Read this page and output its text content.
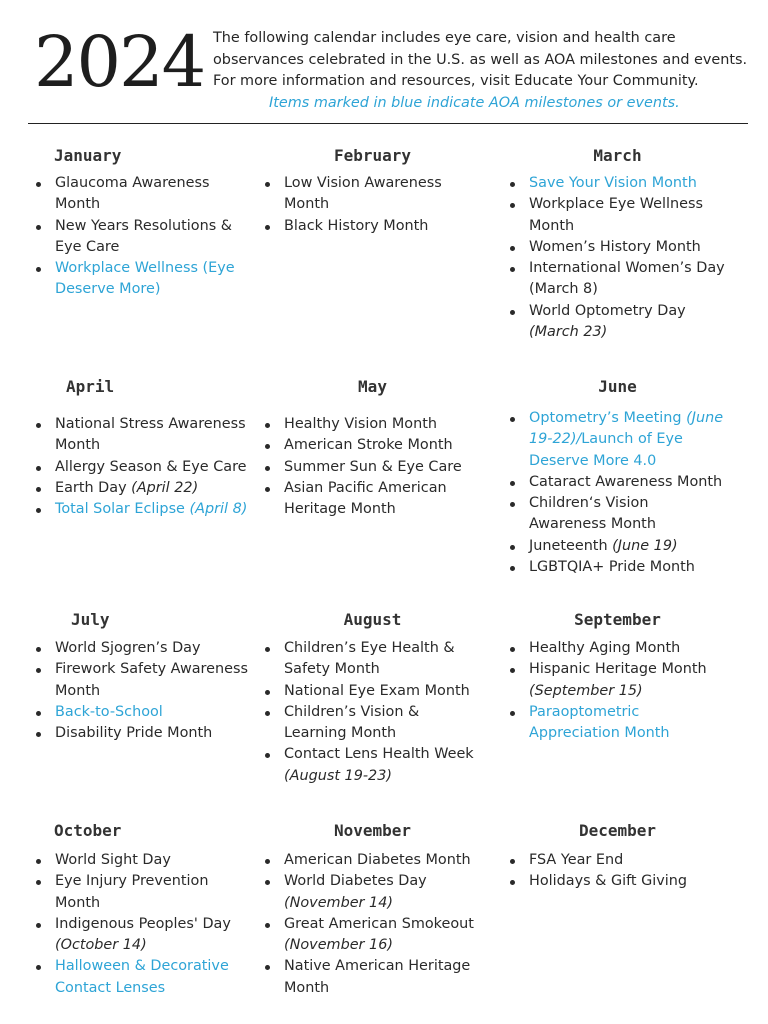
2024 The following calendar includes eye care, vision and health care observances celebrated in the U.S. as well as AOA milestones and events. For more information and resources, visit Educate Your Community.
Items marked in blue indicate AOA milestones or events.
January
Glaucoma Awareness Month
New Years Resolutions & Eye Care
Workplace Wellness (Eye Deserve More)
February
Low Vision Awareness Month
Black History Month
March
Save Your Vision Month
Workplace Eye Wellness Month
Women’s History Month
International Women’s Day (March 8)
World Optometry Day (March 23)
April
National Stress Awareness Month
Allergy Season & Eye Care
Earth Day (April 22)
Total Solar Eclipse (April 8)
May
Healthy Vision Month
American Stroke Month
Summer Sun & Eye Care
Asian Pacific American Heritage Month
June
Optometry’s Meeting (June 19-22)/Launch of Eye Deserve More 4.0
Cataract Awareness Month
Children‘s Vision Awareness Month
Juneteenth (June 19)
LGBTQIA+ Pride Month
July
World Sjogren’s Day
Firework Safety Awareness Month
Back-to-School
Disability Pride Month
August
Children’s Eye Health & Safety Month
National Eye Exam Month
Children’s Vision & Learning Month
Contact Lens Health Week (August 19-23)
September
Healthy Aging Month
Hispanic Heritage Month (September 15)
Paraoptometric Appreciation Month
October
World Sight Day
Eye Injury Prevention Month
Indigenous Peoples' Day (October 14)
Halloween & Decorative Contact Lenses
November
American Diabetes Month
World Diabetes Day (November 14)
Great American Smokeout (November 16)
Native American Heritage Month
December
FSA Year End
Holidays & Gift Giving
